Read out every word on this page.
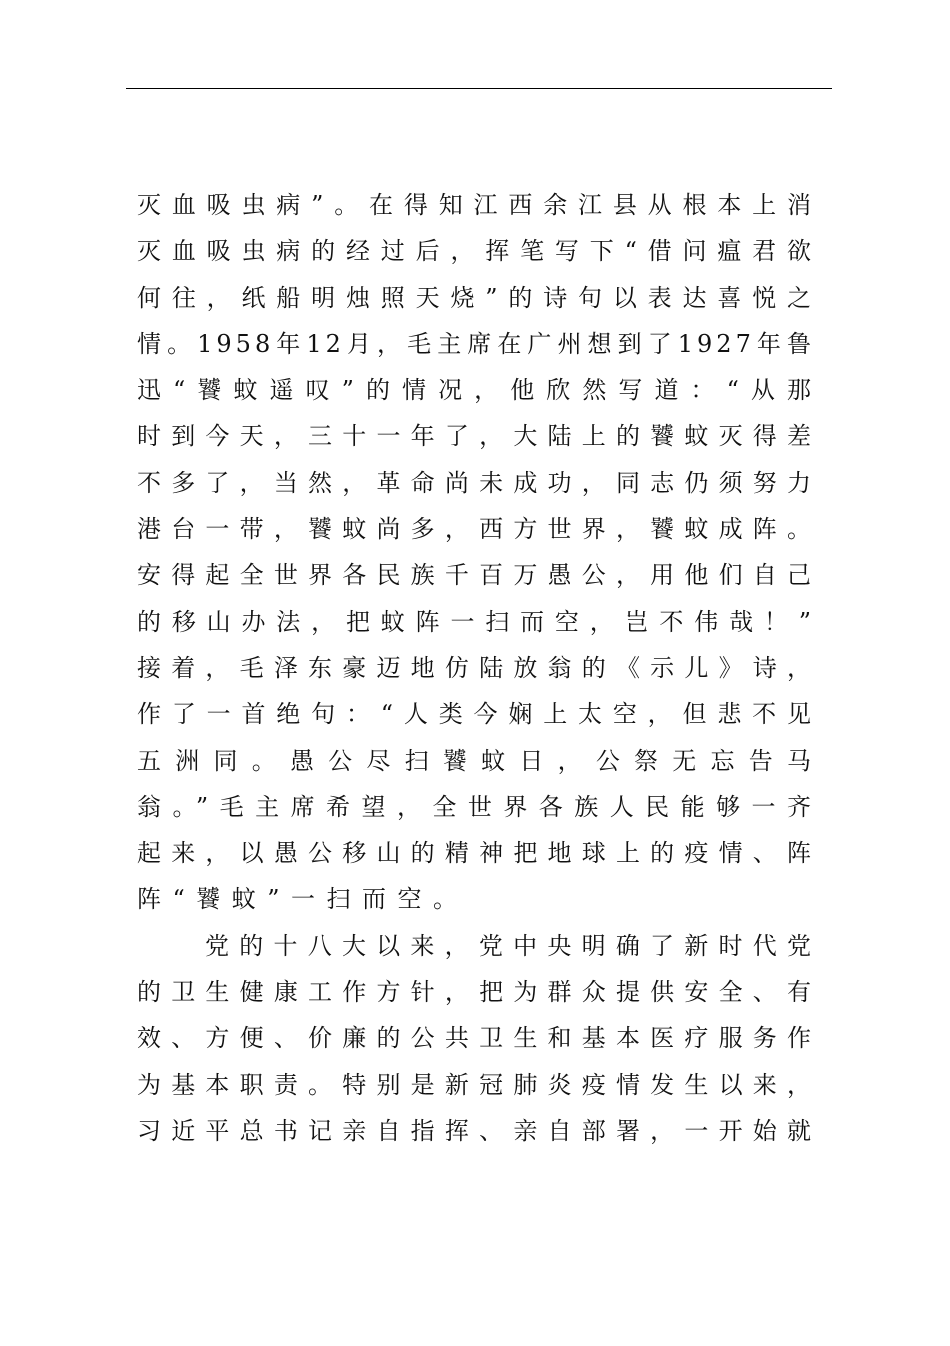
灭血吸虫病”。在得知江西余江县从根本上消
灭血吸虫病的经过后，挥笔写下“借问瘟君欲
何往，纸船明烛照天烧”的诗句以表达喜悦之
情。1958年12月，毛主席在广州想到了1927年鲁
迅“饕蚊遥叹”的情况，他欣然写道：“从那
时到今天，三十一年了，大陆上的饕蚊灭得差
不多了，当然，革命尚未成功，同志仍须努力
港台一带，饕蚊尚多，西方世界，饕蚊成阵。
安得起全世界各民族千百万愚公，用他们自己
的移山办法，把蚊阵一扫而空，岂不伟哉！”
接着，毛泽东豪迈地仿陆放翁的《示儿》诗，
作了一首绝句：“人类今娴上太空，但悲不见
五洲同。愚公尽扫饕蚊日，公祭无忘告马
翁。”毛主席希望，全世界各族人民能够一齐
起来，以愚公移山的精神把地球上的疫情、阵
阵“饕蚊”一扫而空。
党的十八大以来，党中央明确了新时代党
的卫生健康工作方针，把为群众提供安全、有
效、方便、价廉的公共卫生和基本医疗服务作
为基本职责。特别是新冠肺炎疫情发生以来，
习近平总书记亲自指挥、亲自部署，一开始就
